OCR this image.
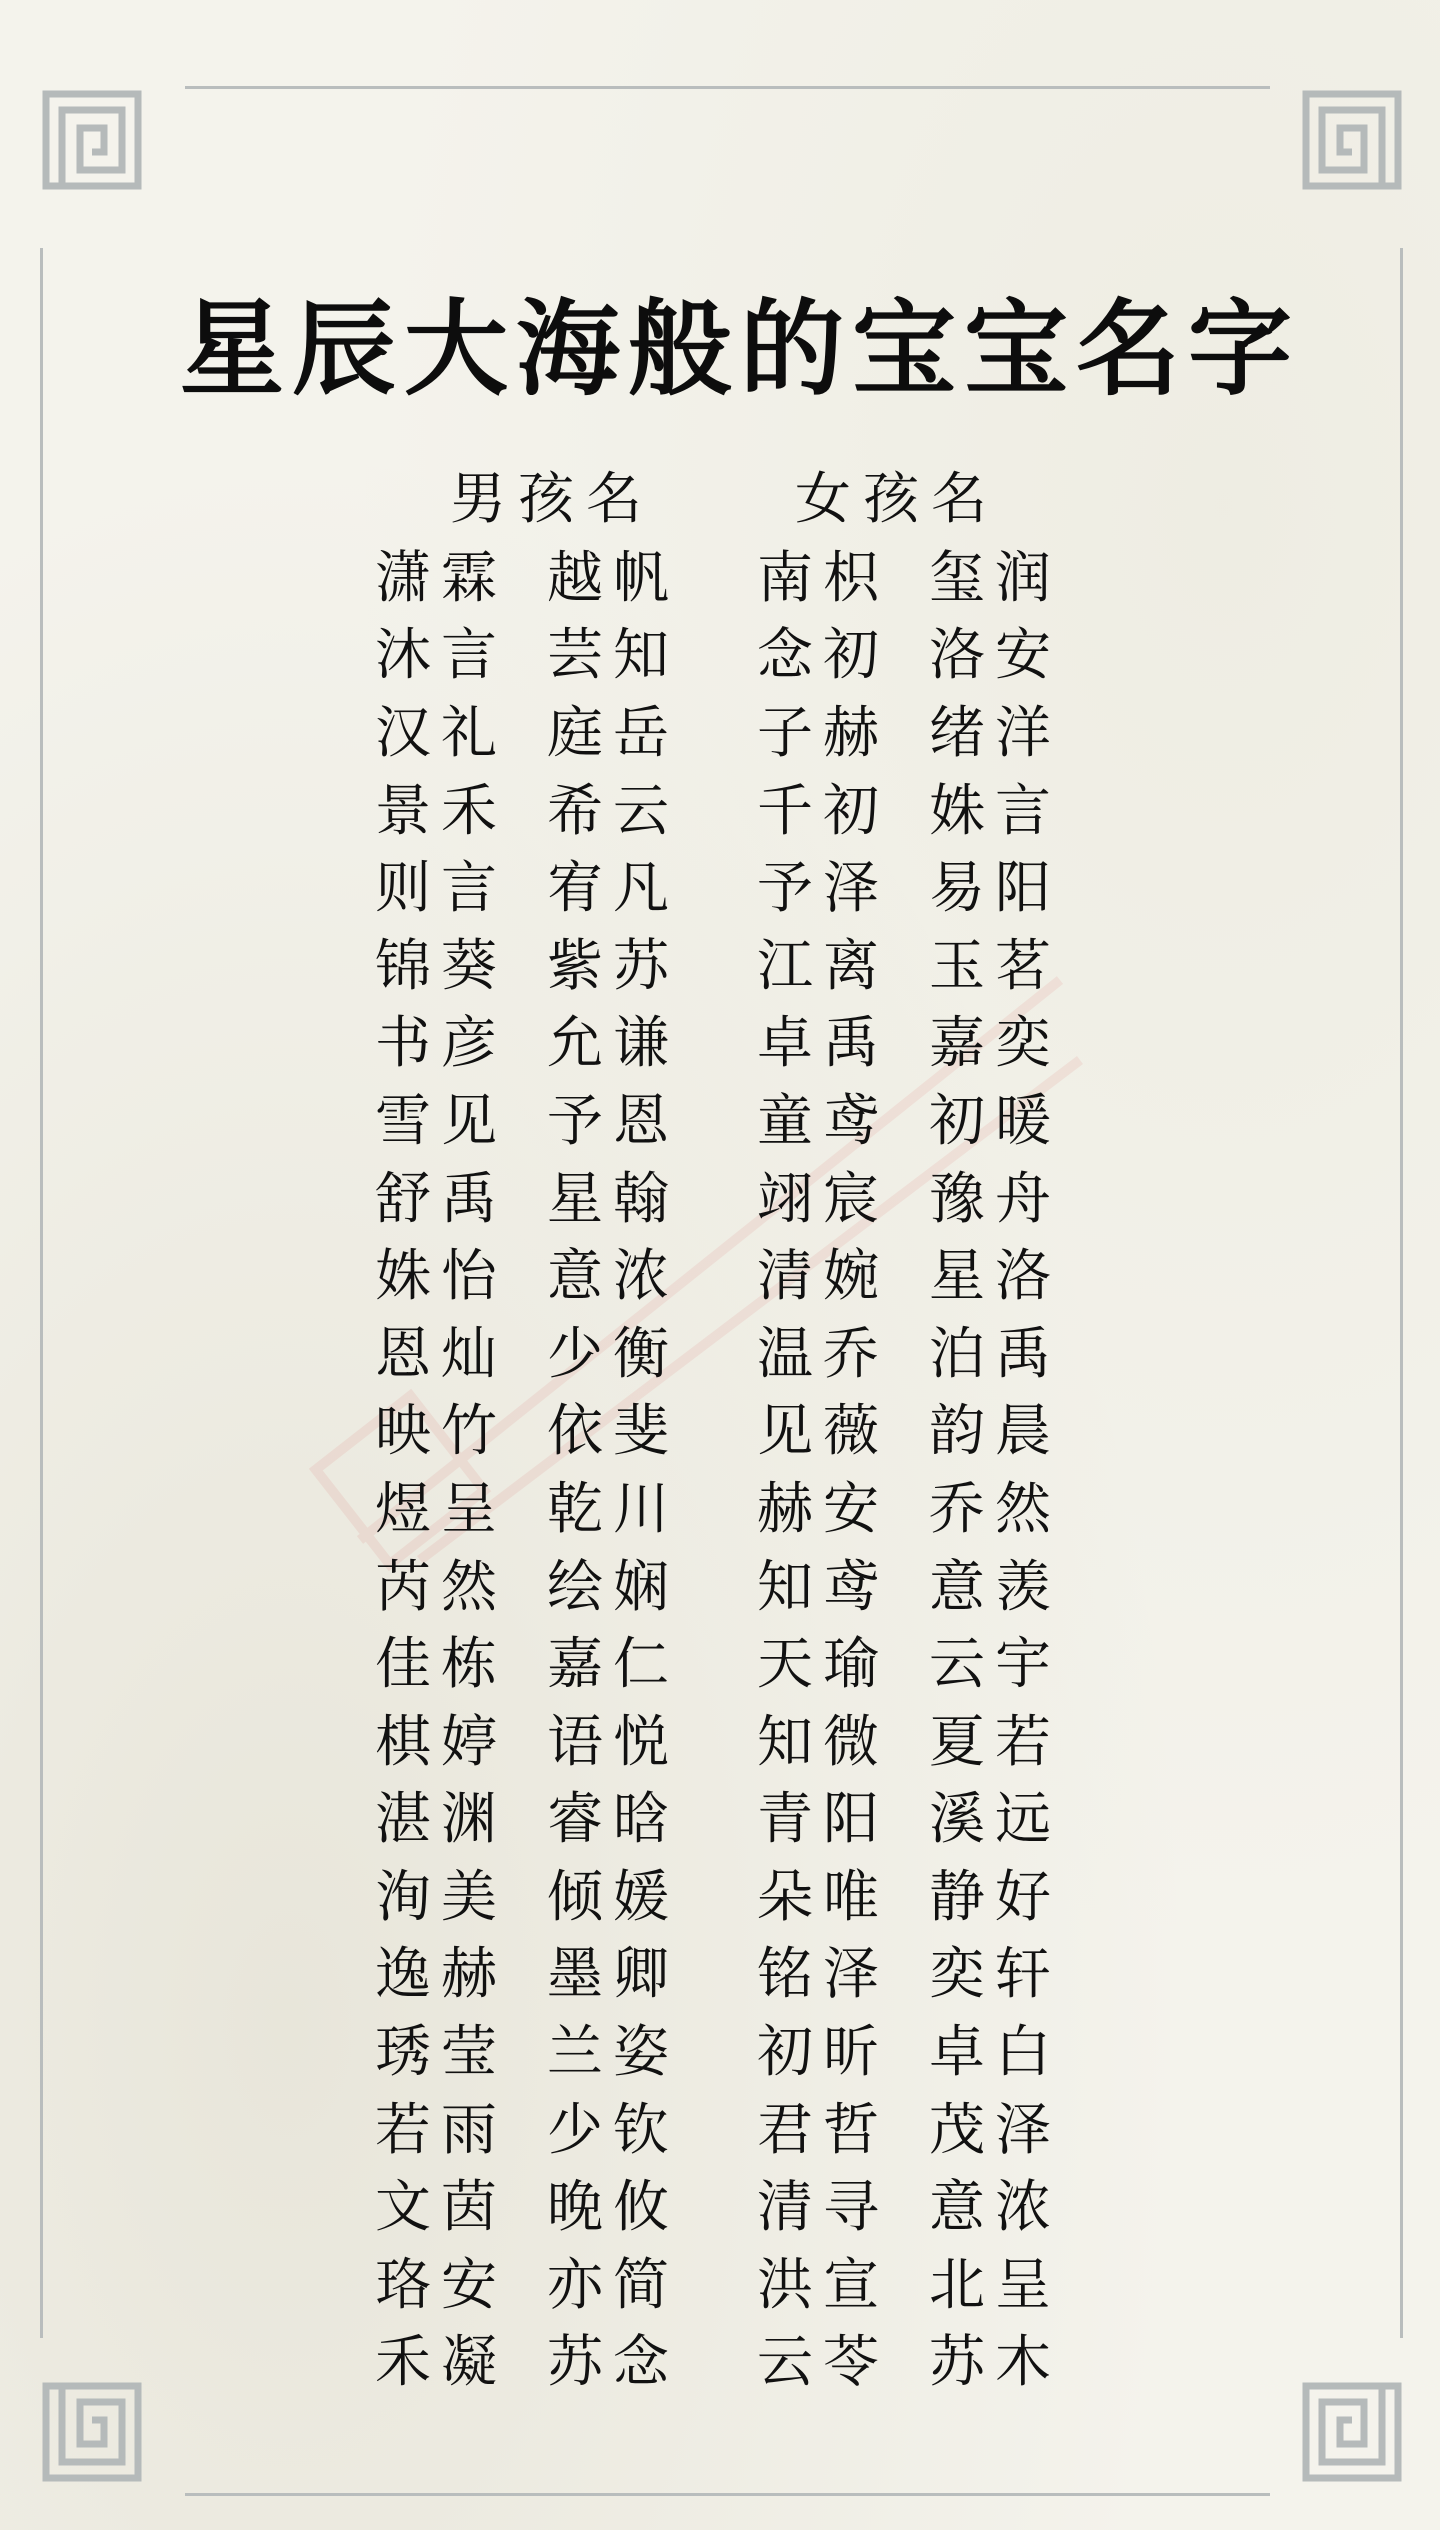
星辰大海般的宝宝名字
男孩名	女孩名
潇霖 越帆	南枳 玺润
沐言 芸知	念初 洛安
汉礼 庭岳	子赫 绪洋
景禾 希云	千初 姝言
则言 宥凡	予泽 易阳
锦葵 紫苏	江离 玉茗
书彦 允谦	卓禹 嘉奕
雪见 予恩	童鸢 初暖
舒禹 星翰	翊宸 豫舟
姝怡 意浓	清婉 星洛
恩灿 少衡	温乔 泊禹
映竹 依斐	见薇 韵晨
煜呈 乾川	赫安 乔然
芮然 绘娴	知鸢 意羡
佳栋 嘉仁	天瑜 云宇
棋婷 语悦	知微 夏若
湛渊 睿晗	青阳 溪远
洵美 倾媛	朵唯 静好
逸赫 墨卿	铭泽 奕轩
琇莹 兰姿	初昕 卓白
若雨 少钦	君哲 茂泽
文茵 晚攸	清寻 意浓
珞安 亦简	洪宣 北呈
禾凝 苏念	云苓 苏木
